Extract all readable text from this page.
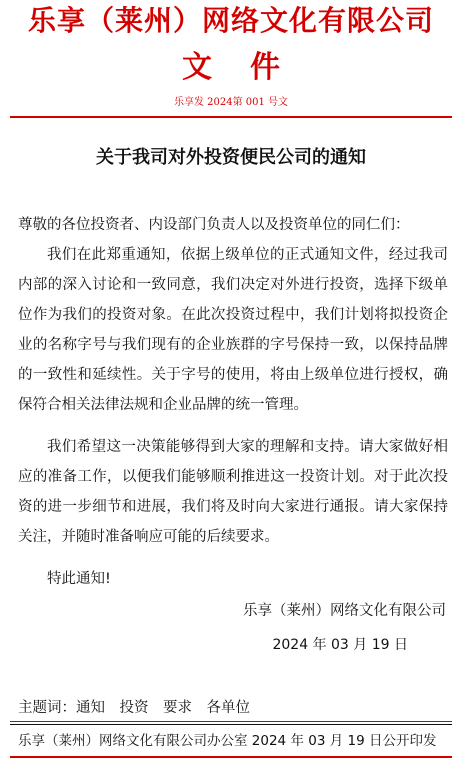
乐享（莱州）网络文化有限公司
文件
乐享发 2024第 001 号文
关于我司对外投资便民公司的通知
尊敬的各位投资者、内设部门负责人以及投资单位的同仁们：
我们在此郑重通知，依据上级单位的正式通知文件，经过我司内部的深入讨论和一致同意，我们决定对外进行投资，选择下级单位作为我们的投资对象。在此次投资过程中，我们计划将拟投资企业的名称字号与我们现有的企业族群的字号保持一致，以保持品牌的一致性和延续性。关于字号的使用，将由上级单位进行授权，确保符合相关法律法规和企业品牌的统一管理。
我们希望这一决策能够得到大家的理解和支持。请大家做好相应的准备工作，以便我们能够顺利推进这一投资计划。对于此次投资的进一步细节和进展，我们将及时向大家进行通报。请大家保持关注，并随时准备响应可能的后续要求。
特此通知!
乐享（莱州）网络文化有限公司
2024 年 03 月 19 日
主题词：通知　投资　要求　各单位
乐享（莱州）网络文化有限公司办公室 2024 年 03 月 19 日公开印发
